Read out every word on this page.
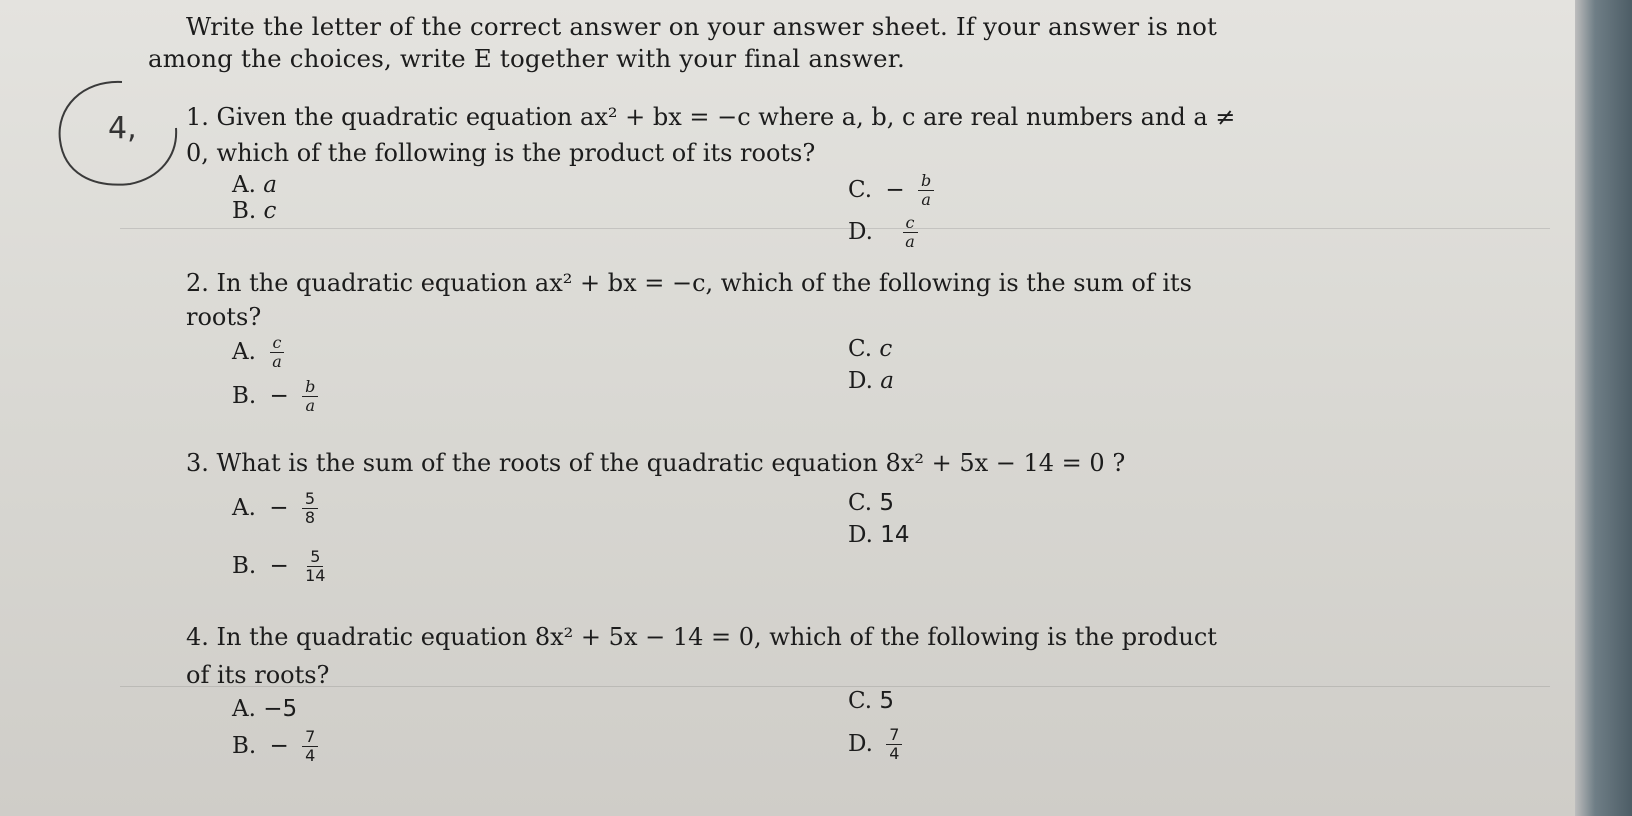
Write the letter of the correct answer on your answer sheet. If your answer is not
among the choices, write E together with your final answer.
4, 1. Given the quadratic equation ax² + bx = −c where a, b, c are real numbers and a ≠
0, which of the following is the product of its roots?
A. a
B. c
C. − $\frac{b}{a}$
D. $\frac{c}{a}$
2. In the quadratic equation ax² + bx = −c, which of the following is the sum of its
roots?
A. $\frac{c}{a}$
B. − $\frac{b}{a}$
C. c
D. a
3. What is the sum of the roots of the quadratic equation 8x² + 5x − 14 = 0 ?
A. − $\frac{5}{8}$
B. − $\frac{5}{14}$
C. 5
D. 14
4. In the quadratic equation 8x² + 5x − 14 = 0, which of the following is the product
of its roots?
A. −5
B. − $\frac{7}{4}$
C. 5
D. $\frac{7}{4}$
